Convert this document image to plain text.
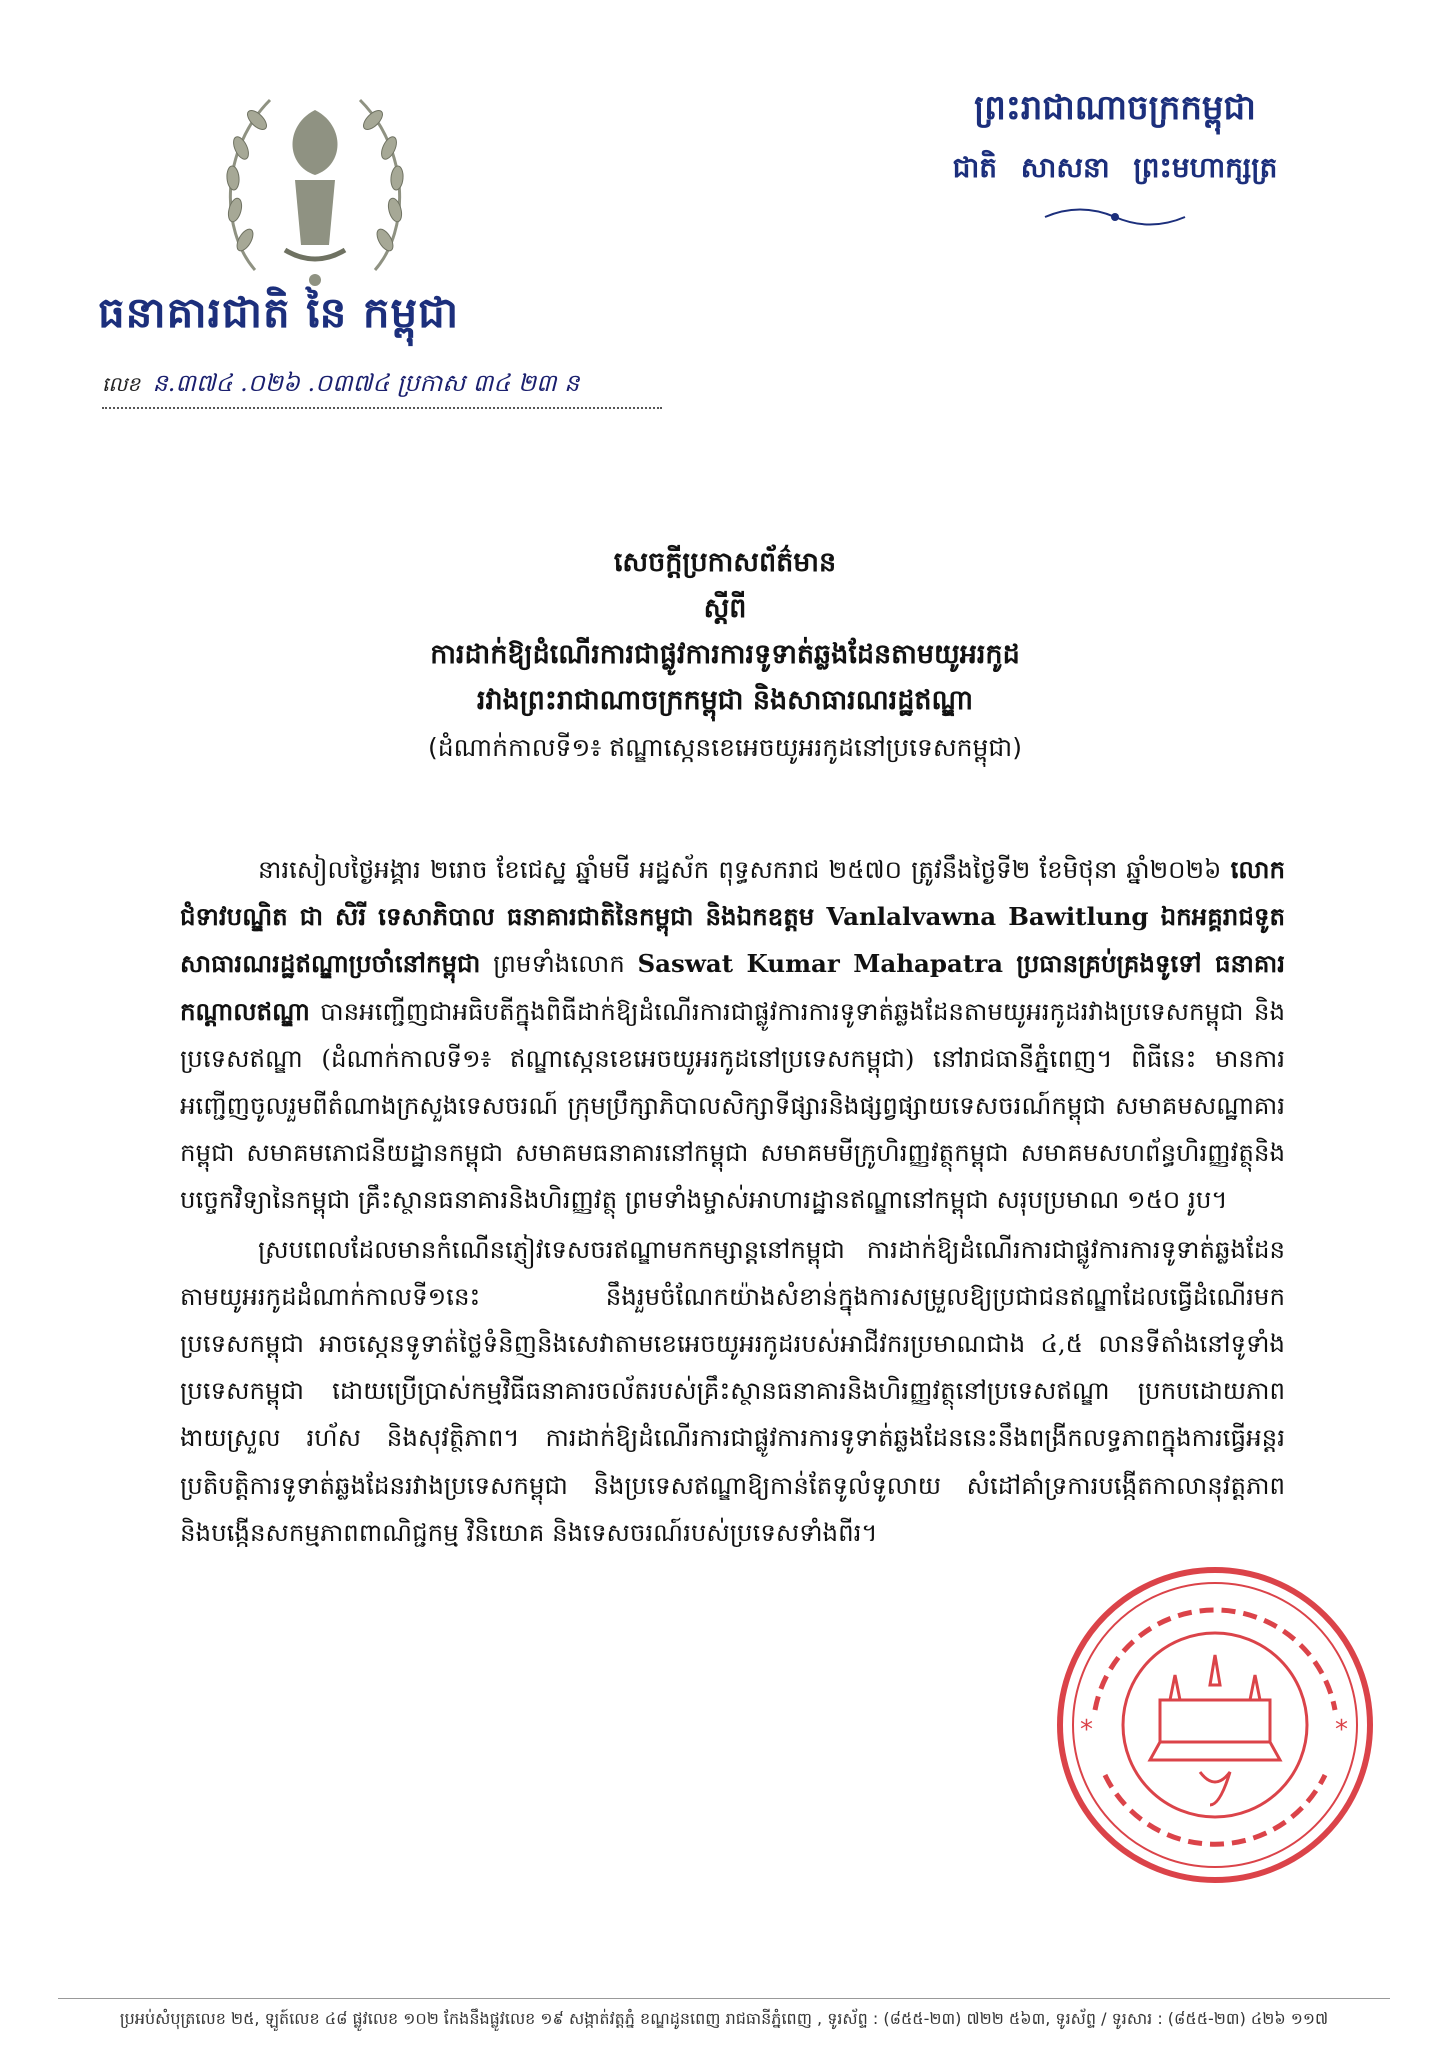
ធនាគារជាតិ នៃ កម្ពុជា
លេខ ន.៣៧៤ .០២៦ .០៣៧៤ ប្រកាស ៣៤ ២៣ ន
ព្រះរាជាណាចក្រកម្ពុជា
ជាតិ សាសនា ព្រះមហាក្សត្រ
សេចក្ដីប្រកាសព័ត៌មាន
ស្ដីពី
ការដាក់ឱ្យដំណើរការជាផ្លូវការការទូទាត់ឆ្លងដែនតាមយូអរកូដ
រវាងព្រះរាជាណាចក្រកម្ពុជា និងសាធារណរដ្ឋឥណ្ឌា
(ដំណាក់កាលទី១៖ ឥណ្ឌាស្កេនខេអេចយូអរកូដនៅប្រទេសកម្ពុជា)

នារសៀលថ្ងៃអង្គារ ២រោច ខែជេស្ឋ ឆ្នាំមមី អដ្ឋស័ក ពុទ្ធសករាជ ២៥៧០ ត្រូវនឹងថ្ងៃទី២ ខែមិថុនា ឆ្នាំ២០២៦ លោកជំទាវបណ្ឌិត ជា សិរី ទេសាភិបាល ធនាគារជាតិនៃកម្ពុជា និងឯកឧត្តម Vanlalvawna Bawitlung ឯកអគ្គរាជទូតសាធារណរដ្ឋឥណ្ឌាប្រចាំនៅកម្ពុជា ព្រមទាំងលោក Saswat Kumar Mahapatra ប្រធានគ្រប់គ្រងទូទៅ ធនាគារកណ្ដាលឥណ្ឌា បានអញ្ជើញជាអធិបតីក្នុងពិធីដាក់ឱ្យដំណើរការជាផ្លូវការការទូទាត់ឆ្លងដែនតាមយូអរកូដរវាងប្រទេសកម្ពុជា និងប្រទេសឥណ្ឌា (ដំណាក់កាលទី១៖ ឥណ្ឌាស្កេនខេអេចយូអរកូដនៅប្រទេសកម្ពុជា) នៅរាជធានីភ្នំពេញ។ ពិធីនេះ មានការអញ្ជើញចូលរួមពីតំណាងក្រសួងទេសចរណ៍ ក្រុមប្រឹក្សាភិបាលសិក្សាទីផ្សារនិងផ្សព្វផ្សាយទេសចរណ៍កម្ពុជា សមាគមសណ្ឋាគារកម្ពុជា សមាគមភោជនីយដ្ឋានកម្ពុជា សមាគមធនាគារនៅកម្ពុជា សមាគមមីក្រូហិរញ្ញវត្ថុកម្ពុជា សមាគមសហព័ន្ធហិរញ្ញវត្ថុនិងបច្ចេកវិទ្យានៃកម្ពុជា គ្រឹះស្ថានធនាគារនិងហិរញ្ញវត្ថុ ព្រមទាំងម្ចាស់អាហារដ្ឋានឥណ្ឌានៅកម្ពុជា សរុបប្រមាណ ១៥០ រូប។

ស្របពេលដែលមានកំណើនភ្ញៀវទេសចរឥណ្ឌាមកកម្សាន្តនៅកម្ពុជា ការដាក់ឱ្យដំណើរការជាផ្លូវការការទូទាត់ឆ្លងដែនតាមយូអរកូដដំណាក់កាលទី១នេះ នឹងរួមចំណែកយ៉ាងសំខាន់ក្នុងការសម្រួលឱ្យប្រជាជនឥណ្ឌាដែលធ្វើដំណើរមកប្រទេសកម្ពុជា អាចស្កេនទូទាត់ថ្លៃទំនិញនិងសេវាតាមខេអេចយូអរកូដរបស់អាជីវករប្រមាណជាង ៤,៥ លានទីតាំងនៅទូទាំងប្រទេសកម្ពុជា ដោយប្រើប្រាស់កម្មវិធីធនាគារចល័តរបស់គ្រឹះស្ថានធនាគារនិងហិរញ្ញវត្ថុនៅប្រទេសឥណ្ឌា ប្រកបដោយភាពងាយស្រួល រហ័ស និងសុវត្ថិភាព។ ការដាក់ឱ្យដំណើរការជាផ្លូវការការទូទាត់ឆ្លងដែននេះនឹងពង្រីកលទ្ធភាពក្នុងការធ្វើអន្តរប្រតិបត្តិការទូទាត់ឆ្លងដែនរវាងប្រទេសកម្ពុជា និងប្រទេសឥណ្ឌាឱ្យកាន់តែទូលំទូលាយ សំដៅគាំទ្រការបង្កើតកាលានុវត្តភាព និងបង្កើនសកម្មភាពពាណិជ្ជកម្ម វិនិយោគ និងទេសចរណ៍របស់ប្រទេសទាំងពីរ។

*	*
ប្រអប់សំបុត្រលេខ ២៥, ឡូត៍លេខ ៤៨ ផ្លូវលេខ ១០២ កែងនឹងផ្លូវលេខ ១៩ សង្កាត់វត្តភ្នំ ខណ្ឌដូនពេញ រាជធានីភ្នំពេញ , ទូរស័ព្ទ : (៨៥៥-២៣) ៧២២ ៥៦៣, ទូរស័ព្ទ / ទូរសារ : (៨៥៥-២៣) ៤២៦ ១១៧
